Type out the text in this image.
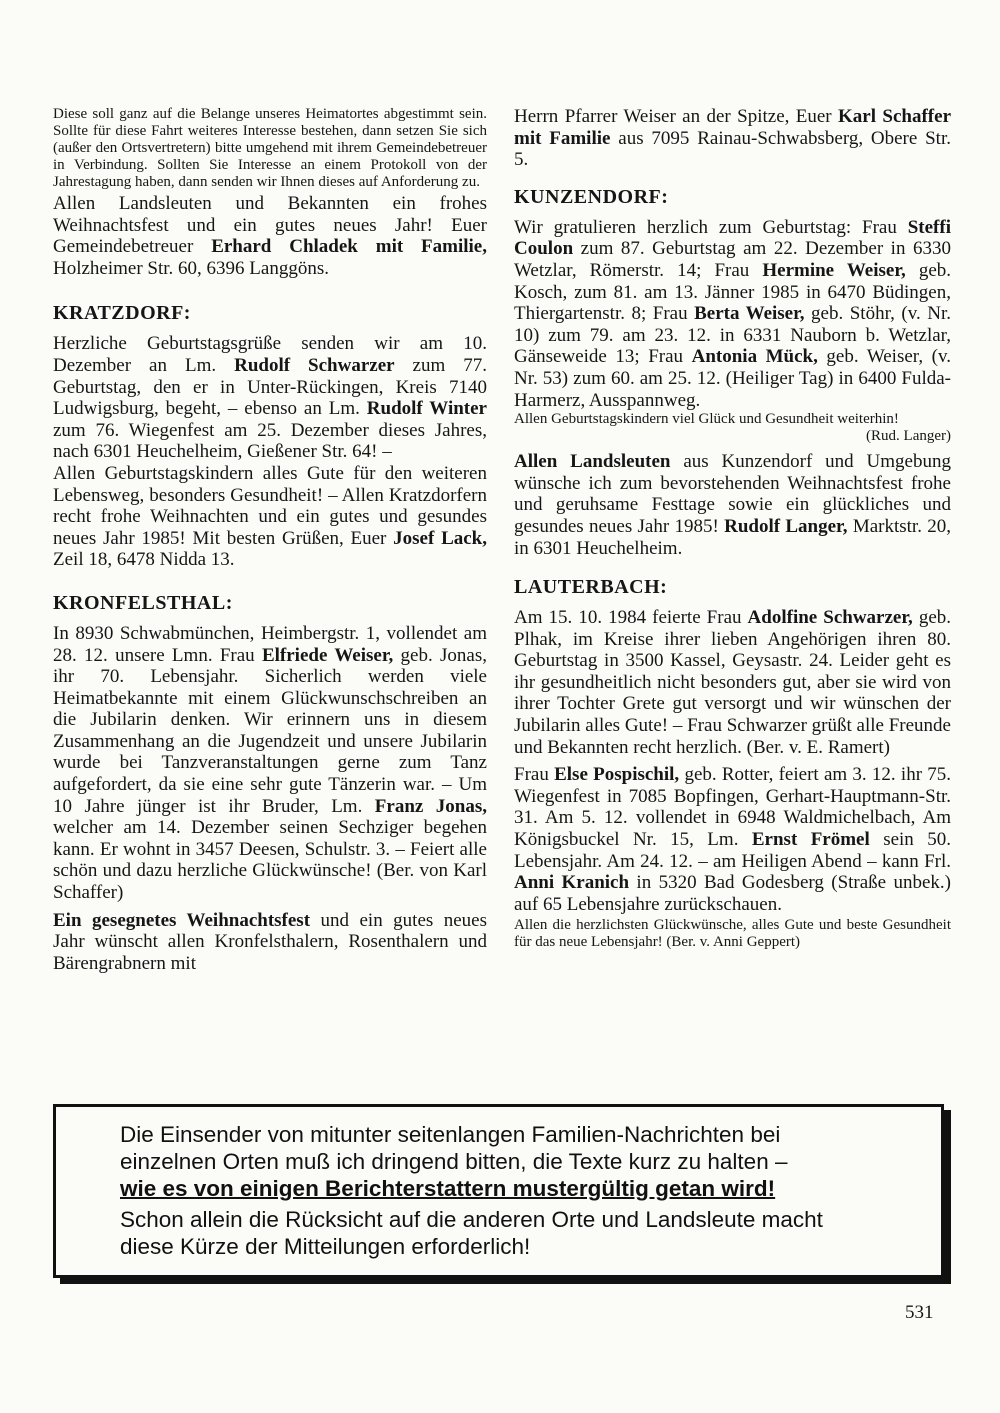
Diese soll ganz auf die Belange unseres Heimatortes abgestimmt sein. Sollte für diese Fahrt weiteres Interesse bestehen, dann setzen Sie sich (außer den Ortsvertretern) bitte umgehend mit ihrem Gemeindebetreuer in Verbindung. Sollten Sie Interesse an einem Protokoll von der Jahrestagung haben, dann senden wir Ihnen dieses auf Anforderung zu.

Allen Landsleuten und Bekannten ein frohes Weihnachtsfest und ein gutes neues Jahr! Euer Gemeindebetreuer Erhard Chladek mit Familie, Holzheimer Str. 60, 6396 Langgöns.

KRATZDORF:

Herzliche Geburtstagsgrüße senden wir am 10. Dezember an Lm. Rudolf Schwarzer zum 77. Geburtstag, den er in Unter-Rückingen, Kreis 7140 Ludwigsburg, begeht, – ebenso an Lm. Rudolf Winter zum 76. Wiegenfest am 25. Dezember dieses Jahres, nach 6301 Heuchelheim, Gießener Str. 64! –

Allen Geburtstagskindern alles Gute für den weiteren Lebensweg, besonders Gesundheit! – Allen Kratzdorfern recht frohe Weihnachten und ein gutes und gesundes neues Jahr 1985! Mit besten Grüßen, Euer Josef Lack, Zeil 18, 6478 Nidda 13.

KRONFELSTHAL:

In 8930 Schwabmünchen, Heimbergstr. 1, vollendet am 28. 12. unsere Lmn. Frau Elfriede Weiser, geb. Jonas, ihr 70. Lebensjahr. Sicherlich werden viele Heimatbekannte mit einem Glückwunschschreiben an die Jubilarin denken. Wir erinnern uns in diesem Zusammenhang an die Jugendzeit und unsere Jubilarin wurde bei Tanzveranstaltungen gerne zum Tanz aufgefordert, da sie eine sehr gute Tänzerin war. – Um 10 Jahre jünger ist ihr Bruder, Lm. Franz Jonas, welcher am 14. Dezember seinen Sechziger begehen kann. Er wohnt in 3457 Deesen, Schulstr. 3. – Feiert alle schön und dazu herzliche Glückwünsche! (Ber. von Karl Schaffer)

Ein gesegnetes Weihnachtsfest und ein gutes neues Jahr wünscht allen Kronfelsthalern, Rosenthalern und Bärengrabnern mit

Herrn Pfarrer Weiser an der Spitze, Euer Karl Schaffer mit Familie aus 7095 Rainau-Schwabsberg, Obere Str. 5.

KUNZENDORF:

Wir gratulieren herzlich zum Geburtstag: Frau Steffi Coulon zum 87. Geburtstag am 22. Dezember in 6330 Wetzlar, Römerstr. 14; Frau Hermine Weiser, geb. Kosch, zum 81. am 13. Jänner 1985 in 6470 Büdingen, Thiergartenstr. 8; Frau Berta Weiser, geb. Stöhr, (v. Nr. 10) zum 79. am 23. 12. in 6331 Nauborn b. Wetzlar, Gänseweide 13; Frau Antonia Mück, geb. Weiser, (v. Nr. 53) zum 60. am 25. 12. (Heiliger Tag) in 6400 Fulda-Harmerz, Ausspannweg.

Allen Geburtstagskindern viel Glück und Gesundheit weiterhin!
(Rud. Langer)

Allen Landsleuten aus Kunzendorf und Umgebung wünsche ich zum bevorstehenden Weihnachtsfest frohe und geruhsame Festtage sowie ein glückliches und gesundes neues Jahr 1985! Rudolf Langer, Marktstr. 20, in 6301 Heuchelheim.

LAUTERBACH:

Am 15. 10. 1984 feierte Frau Adolfine Schwarzer, geb. Plhak, im Kreise ihrer lieben Angehörigen ihren 80. Geburtstag in 3500 Kassel, Geysastr. 24. Leider geht es ihr gesundheitlich nicht besonders gut, aber sie wird von ihrer Tochter Grete gut versorgt und wir wünschen der Jubilarin alles Gute! – Frau Schwarzer grüßt alle Freunde und Bekannten recht herzlich. (Ber. v. E. Ramert)

Frau Else Pospischil, geb. Rotter, feiert am 3. 12. ihr 75. Wiegenfest in 7085 Bopfingen, Gerhart-Hauptmann-Str. 31. Am 5. 12. vollendet in 6948 Waldmichelbach, Am Königsbuckel Nr. 15, Lm. Ernst Frömel sein 50. Lebensjahr. Am 24. 12. – am Heiligen Abend – kann Frl. Anni Kranich in 5320 Bad Godesberg (Straße unbek.) auf 65 Lebensjahre zurückschauen.

Allen die herzlichsten Glückwünsche, alles Gute und beste Gesundheit für das neue Lebensjahr! (Ber. v. Anni Geppert)

Die Einsender von mitunter seitenlangen Familien-Nachrichten bei einzelnen Orten muß ich dringend bitten, die Texte kurz zu halten –
wie es von einigen Berichterstattern mustergültig getan wird!
Schon allein die Rücksicht auf die anderen Orte und Landsleute macht diese Kürze der Mitteilungen erforderlich!
531
